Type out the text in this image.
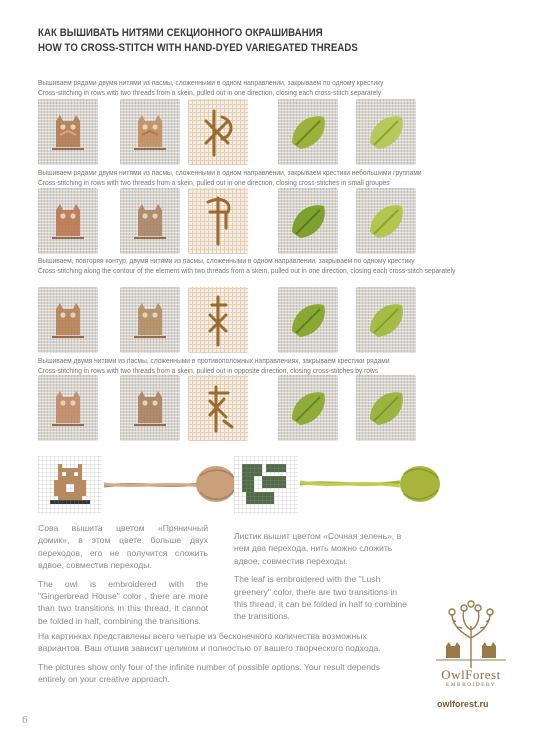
КАК ВЫШИВАТЬ НИТЯМИ СЕКЦИОННОГО ОКРАШИВАНИЯ
HOW TO CROSS-STITCH WITH HAND-DYED VARIEGATED THREADS
Вышиваем рядами двумя нитями из пасмы, сложенными в одном направлении, закрываем по одному крестику
Cross-stitching in rows with two threads from a skein, pulled out in one direction, closing each cross-stitch separately
Вышиваем рядами двумя нитями из пасмы, сложенными в одном направлении, закрываем крестики небольшими группами
Cross-stitching in rows with two threads from a skein, pulled out in one direction, closing cross-stitches in small groupes
Вышиваем, повторяя контур, двумя нитями из пасмы, сложенными в одном направлении, закрываем по одному крестику
Cross-stitching along the contour of the element with two threads from a skein, pulled out in one direction, closing each cross-stitch separately
Вышиваем двумя нитями из пасмы, сложенными в противоположных направлениях, закрываем крестики рядами
Cross-stitching in rows with two threads from a skein, pulled out in opposite direction, closing cross-stitches by rows

Сова вышита цветом «Пряничный домик», в этом цвете больше двух переходов, его не получится сложить вдвое, совместив переходы.

The owl is embroidered with the "Gingerbread House" color , there are more than two transitions in this thread, it cannot be folded in half, combining the transitions.

Листик вышит цветом «Сочная зелень», в нем два перехода, нить можно сложить вдвое, совместив переходы.

The leaf is embroidered with the "Lush greenery" color, there are two transitions in this thread, it can be folded in half to combine the transitions.

На картинках представлены всего четыре из бесконечного количества возможных вариантов. Ваш отшив зависит целиком и полностью от вашего творческого подхода.

The pictures show only four of the infinite number of possible options. Your result depends entirely on your creative approach.	OwlForest
EMBROIDERY
owlforest.ru
6
